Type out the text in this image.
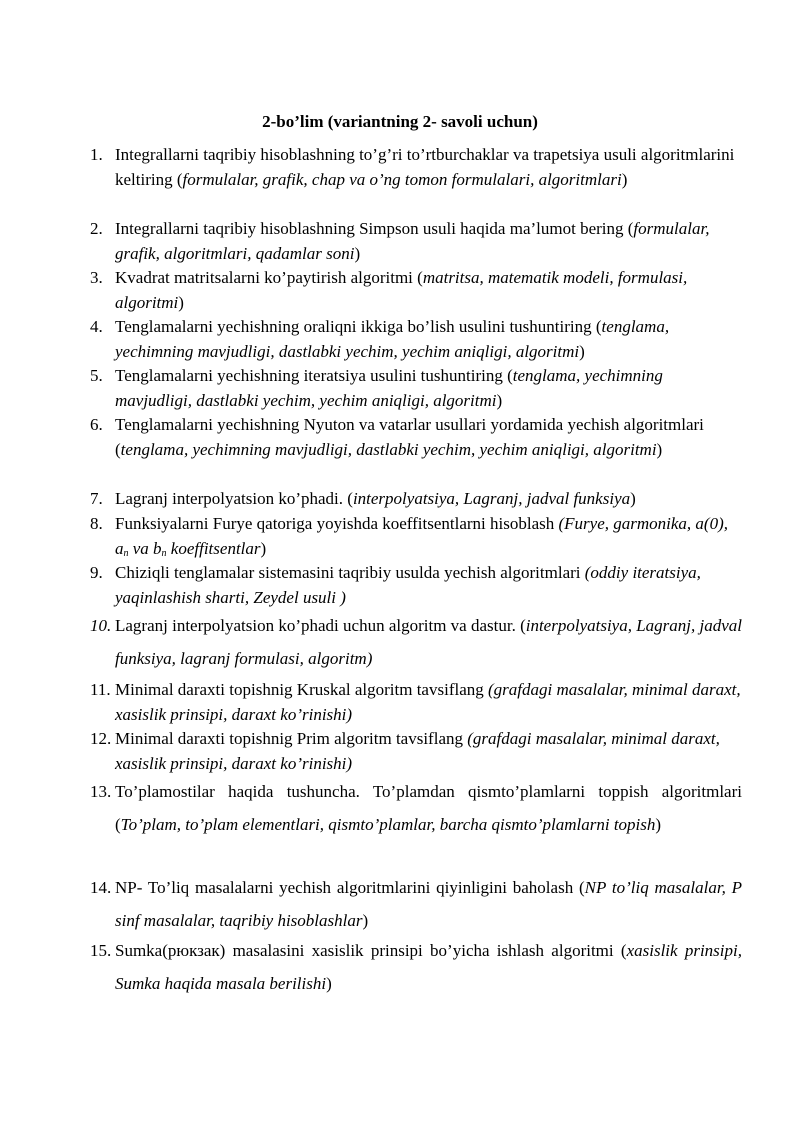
2-bo’lim (variantning 2- savoli uchun)
1. Integrallarni taqribiy hisoblashning to’g’ri to’rtburchaklar va trapetsiya usuli algoritmlarini keltiring (formulalar, grafik, chap va o’ng tomon formulalari, algoritmlari)
2. Integrallarni taqribiy hisoblashning Simpson usuli haqida ma’lumot bering (formulalar, grafik, algoritmlari, qadamlar soni)
3. Kvadrat matritsalarni ko’paytirish algoritmi (matritsa, matematik modeli, formulasi, algoritmi)
4. Tenglamalarni yechishning oraliqni ikkiga bo’lish usulini tushuntiring (tenglama, yechimning mavjudligi, dastlabki yechim, yechim aniqligi, algoritmi)
5. Tenglamalarni yechishning iteratsiya usulini tushuntiring (tenglama, yechimning mavjudligi, dastlabki yechim, yechim aniqligi, algoritmi)
6. Tenglamalarni yechishning Nyuton va vatarlar usullari yordamida yechish algoritmlari (tenglama, yechimning mavjudligi, dastlabki yechim, yechim aniqligi, algoritmi)
7. Lagranj interpolyatsion ko’phadi. (interpolyatsiya, Lagranj, jadval funksiya)
8. Funksiyalarni Furye qatoriga yoyishda koeffitsentlarni hisoblash (Furye, garmonika, a(0), $a_n$ va $b_n$ koeffitsentlar)
9. Chiziqli tenglamalar sistemasini taqribiy usulda yechish algoritmlari (oddiy iteratsiya, yaqinlashish sharti, Zeydel usuli )
10. Lagranj interpolyatsion ko’phadi uchun algoritm va dastur. (interpolyatsiya, Lagranj, jadval funksiya, lagranj formulasi, algoritm)
11. Minimal daraxti topishnig Kruskal algoritm tavsiflang (grafdagi masalalar, minimal daraxt, xasislik prinsipi, daraxt ko’rinishi)
12. Minimal daraxti topishnig Prim algoritm tavsiflang (grafdagi masalalar, minimal daraxt, xasislik prinsipi, daraxt ko’rinishi)
13. To’plamostilar haqida tushuncha. To’plamdan qismto’plamlarni toppish algoritmlari (To’plam, to’plam elementlari, qismto’plamlar, barcha qismto’plamlarni topish)
14. NP- To’liq masalalarni yechish algoritmlarini qiyinligini baholash (NP to’liq masalalar, P sinf masalalar, taqribiy hisoblashlar)
15. Sumka(рюкзак) masalasini xasislik prinsipi bo’yicha ishlash algoritmi (xasislik prinsipi, Sumka haqida masala berilishi)
